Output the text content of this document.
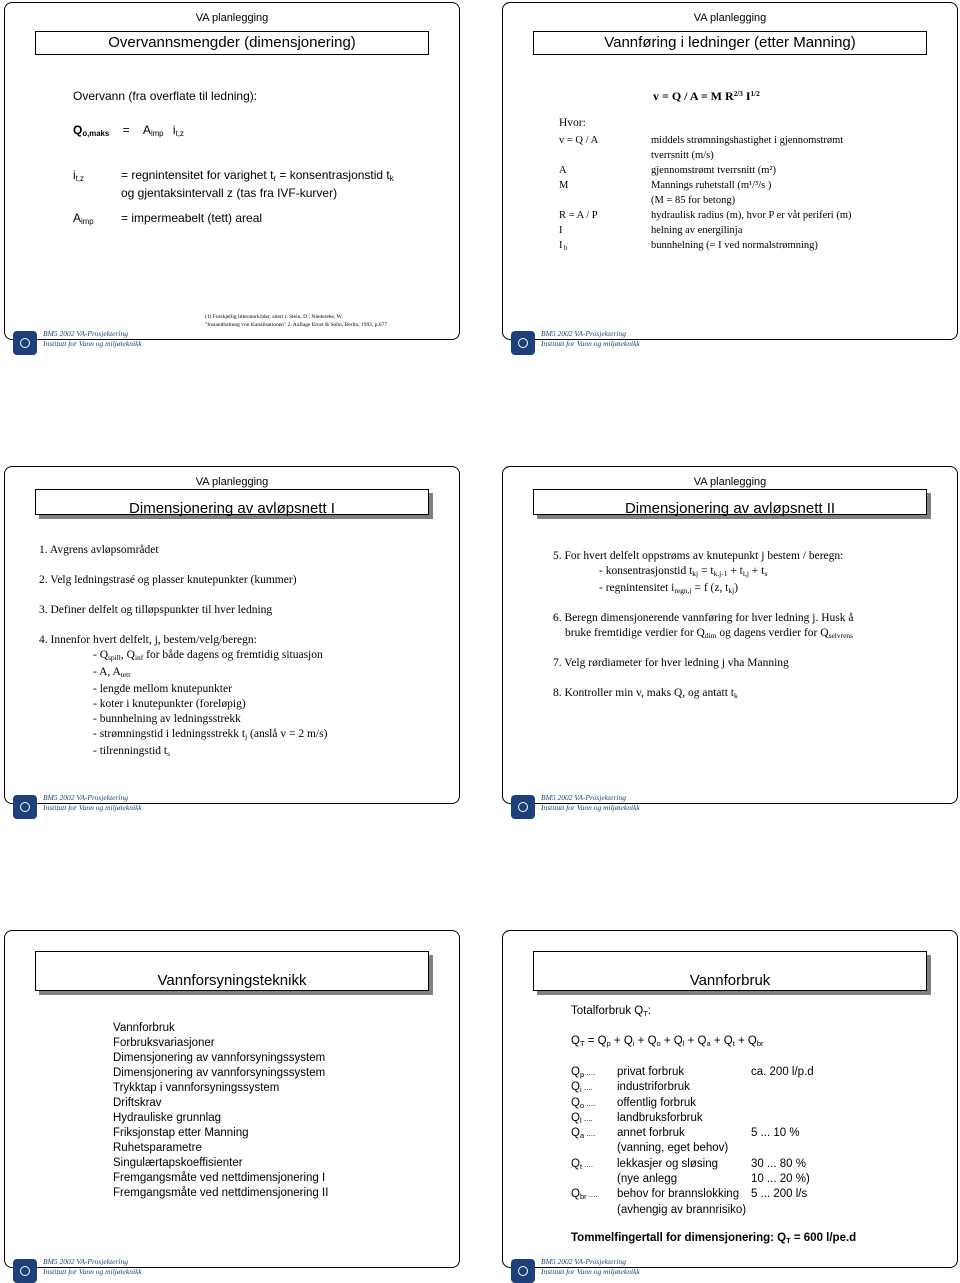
VA planlegging
Overvannsmengder (dimensjonering)
Overvann (fra overflate til ledning):
$Q_{o,maks} = A_{imp}$ $i_{t,z}$
$i_{t,z}$	= regnintensitet for varighet $t_r$ = konsentrasjonstid $t_k$
og gjentaksintervall z (tas fra IVF-kurver)
$A_{imp}$ = impermeabelt (tett) areal
BM5 2002 VA-Prosjektering
Institutt for Vann og miljøteknikk
(1) Forskjellig litteraturkilder, sitert i: Stein, D.; Niederehe, W.
"Instandhaltung von Kanalisationen" 2. Auflage Ernst & Sohn, Berlin, 1992, p.677
VA planlegging
Vannføring i ledninger (etter Manning)
v = Q / A = M $R^{2/3}$ $I^{1/2}$
Hvor:
v = Q / A	middels strømningshastighet i gjennomstrømt
tverrsnitt (m/s)
A	gjennomstrømt tverrsnitt (m²)
M	Mannings ruhetstall (m¹/³/s )
(M = 85 for betong)
R = A / P	hydraulisk radius (m), hvor P er våt periferi (m)
I	helning av energilinja
I b	bunnhelning (= I ved normalstrømning)
BM5 2002 VA-Prosjektering
Institutt for Vann og miljøteknikk
VA planlegging
Dimensjonering av avløpsnett I
1. Avgrens avløpsområdet
2. Velg ledningstrasé og plasser knutepunkter (kummer)
3. Definer delfelt og tilløpspunkter til hver ledning
4. Innenfor hvert delfelt, j, bestem/velg/beregn:
- $Q_{spill}$, $Q_{inf}$ for både dagens og fremtidig situasjon
- A, $A_{tett}$
- lengde mellom knutepunkter
- koter i knutepunkter (foreløpig)
- bunnhelning av ledningsstrekk
- strømningstid i ledningsstrekk $t_j$ (anslå v = 2 m/s)
- tilrenningstid $t_s$
BM5 2002 VA-Prosjektering
Institutt for Vann og miljøteknikk
VA planlegging
Dimensjonering av avløpsnett II
5. For hvert delfelt oppstrøms av knutepunkt j bestem / beregn:
- konsentrasjonstid $t_{kj} = t_{k,j-1} + t_{l,j} + t_s$
- regnintensitet $i_{regn,j} = f$ (z, $t_{kj}$)
6. Beregn dimensjonerende vannføring for hver ledning j. Husk å
bruke fremtidige verdier for $Q_{dim}$ og dagens verdier for $Q_{selvrens}$
7. Velg rørdiameter for hver ledning j vha Manning
8. Kontroller min v, maks Q, og antatt $t_k$
BM5 2002 VA-Prosjektering
Institutt for Vann og miljøteknikk
Vannforsyningsteknikk
Vannforbruk
Forbruksvariasjoner
Dimensjonering av vannforsyningssystem
Dimensjonering av vannforsyningssystem
Trykktap i vannforsyningssystem
Driftskrav
Hydrauliske grunnlag
Friksjonstap etter Manning
Ruhetsparametre
Singulærtapskoeffisienter
Fremgangsmåte ved nettdimensjonering I
Fremgangsmåte ved nettdimensjonering II
BM5 2002 VA-Prosjektering
Institutt for Vann og miljøteknikk
Vannforbruk
Totalforbruk $Q_T$:
$Q_T = Q_p + Q_i + Q_o + Q_l + Q_a + Q_t + Q_{br}$
$Q_p$ .... privat forbruk	ca. 200 l/p.d
$Q_i$ .... industriforbruk
$Q_o$ .... offentlig forbruk
$Q_l$ .... landbruksforbruk
$Q_a$ .... annet forbruk	5 ... 10 %
(vanning, eget behov)
$Q_t$ .... lekkasjer og sløsing	30 ... 80 %
(nye anlegg	10 ... 20 %)
$Q_{br}$ .... behov for brannslokking 5 ... 200 l/s
(avhengig av brannrisiko)
Tommelfingertall for dimensjonering: $Q_T = 600$ l/pe.d
BM5 2002 VA-Prosjektering
Institutt for Vann og miljøteknikk
